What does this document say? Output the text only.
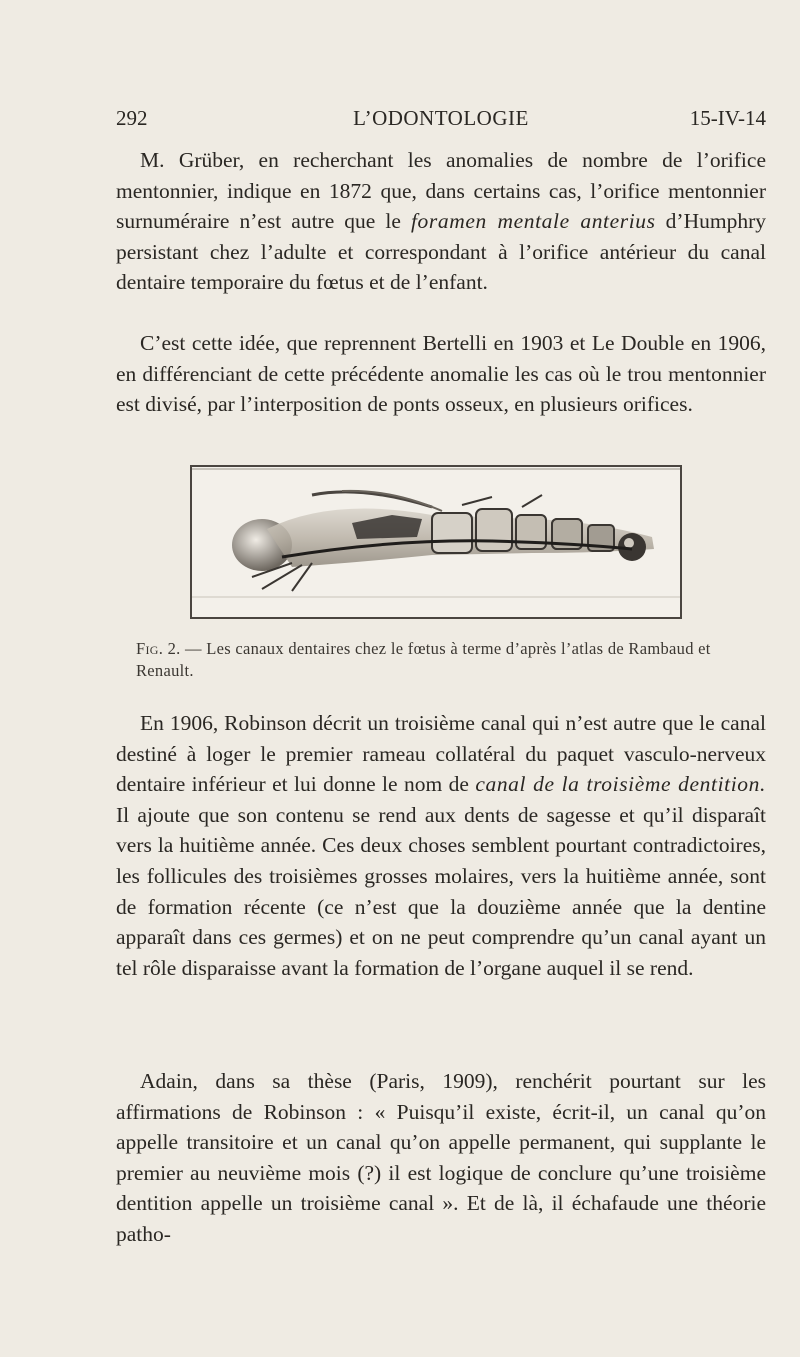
292	L’ODONTOLOGIE	15-IV-14

M. Grüber, en recherchant les anomalies de nombre de l’orifice mentonnier, indique en 1872 que, dans certains cas, l’orifice mentonnier surnuméraire n’est autre que le foramen mentale anterius d’Humphry persistant chez l’adulte et correspondant à l’orifice antérieur du canal dentaire temporaire du fœtus et de l’enfant.

C’est cette idée, que reprennent Bertelli en 1903 et Le Double en 1906, en différenciant de cette précédente anomalie les cas où le trou mentonnier est divisé, par l’interposition de ponts osseux, en plusieurs orifices.

Fig. 2. — Les canaux dentaires chez le fœtus à terme d’après l’atlas de Rambaud et Renault.

En 1906, Robinson décrit un troisième canal qui n’est autre que le canal destiné à loger le premier rameau collatéral du paquet vasculo-nerveux dentaire inférieur et lui donne le nom de canal de la troisième dentition. Il ajoute que son contenu se rend aux dents de sagesse et qu’il disparaît vers la huitième année. Ces deux choses semblent pourtant contradictoires, les follicules des troisièmes grosses molaires, vers la huitième année, sont de formation récente (ce n’est que la douzième année que la dentine apparaît dans ces germes) et on ne peut comprendre qu’un canal ayant un tel rôle disparaisse avant la formation de l’organe auquel il se rend.

Adain, dans sa thèse (Paris, 1909), renchérit pourtant sur les affirmations de Robinson : « Puisqu’il existe, écrit-il, un canal qu’on appelle transitoire et un canal qu’on appelle permanent, qui supplante le premier au neuvième mois (?) il est logique de conclure qu’une troisième dentition appelle un troisième canal ». Et de là, il échafaude une théorie patho-
